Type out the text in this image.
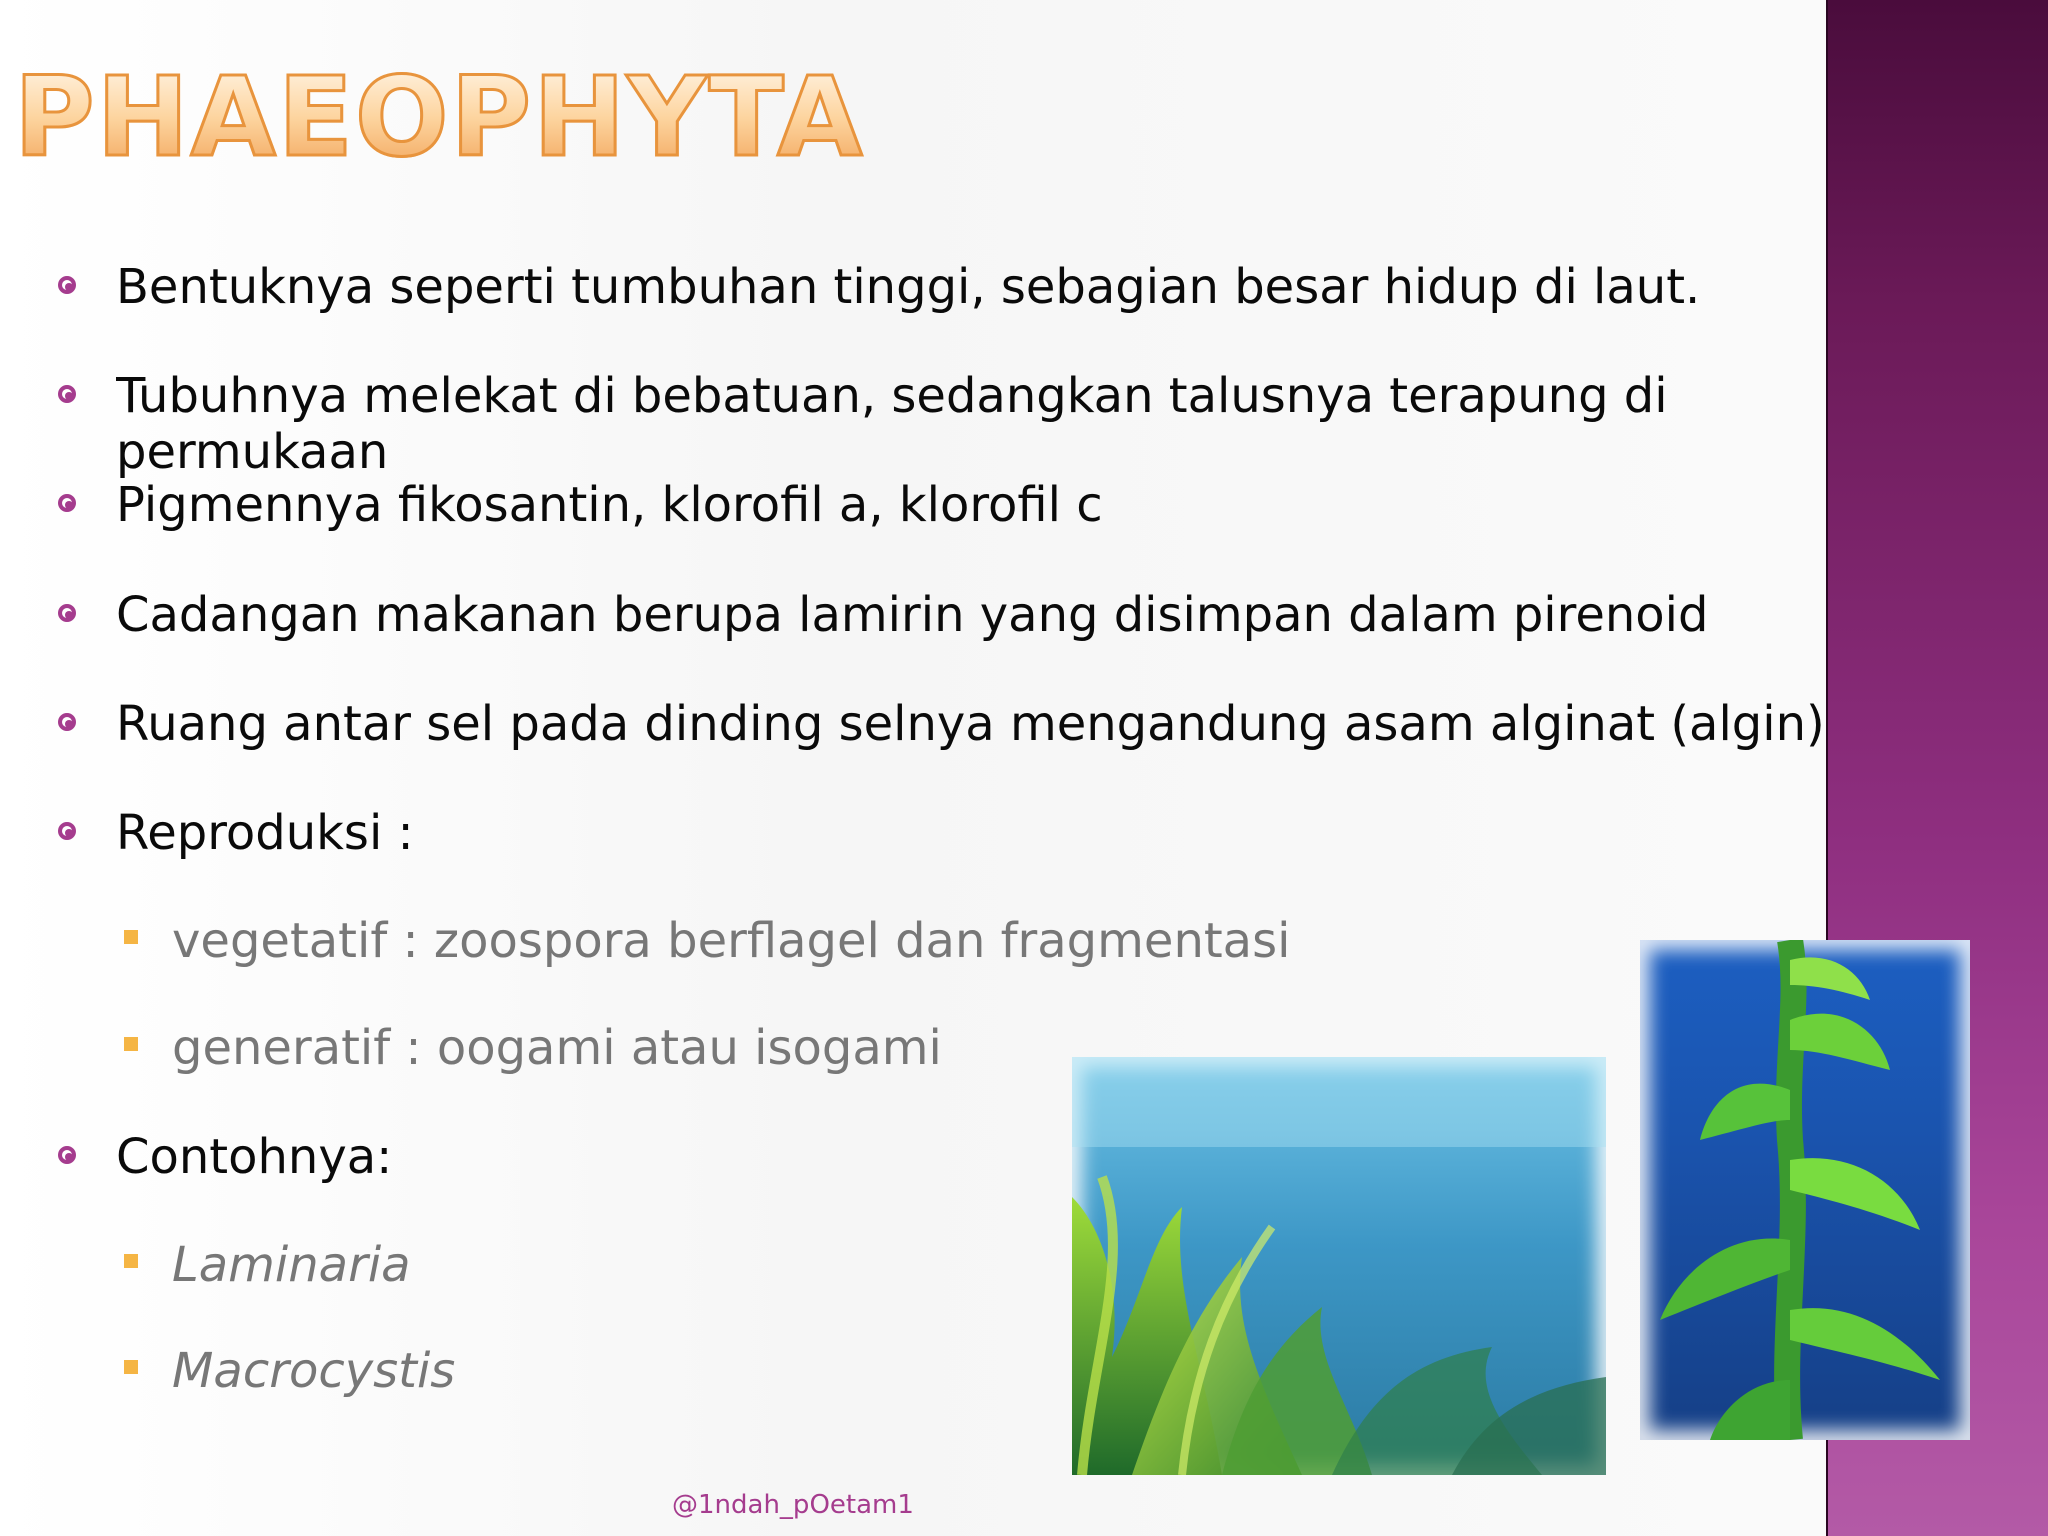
PHAEOPHYTA
Bentuknya seperti tumbuhan tinggi, sebagian besar hidup di laut.
Tubuhnya melekat di bebatuan, sedangkan talusnya terapung di permukaan
Pigmennya fikosantin, klorofil a, klorofil c
Cadangan makanan berupa lamirin yang disimpan dalam pirenoid
Ruang antar sel pada dinding selnya mengandung asam alginat (algin)
Reproduksi :
vegetatif : zoospora berflagel dan fragmentasi
generatif : oogami atau isogami
Contohnya:
Laminaria
Macrocystis
@1ndah_pOetam1
